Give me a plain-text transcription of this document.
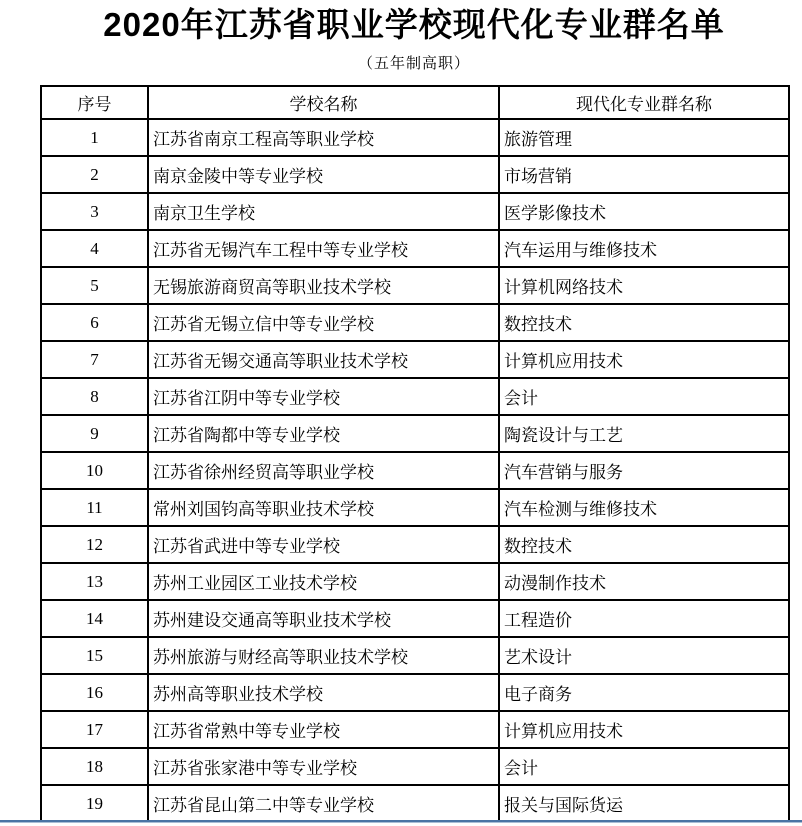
2020年江苏省职业学校现代化专业群名单
（五年制高职）
序号	学校名称	现代化专业群名称
1	江苏省南京工程高等职业学校	旅游管理
2	南京金陵中等专业学校	市场营销
3	南京卫生学校	医学影像技术
4	江苏省无锡汽车工程中等专业学校	汽车运用与维修技术
5	无锡旅游商贸高等职业技术学校	计算机网络技术
6	江苏省无锡立信中等专业学校	数控技术
7	江苏省无锡交通高等职业技术学校	计算机应用技术
8	江苏省江阴中等专业学校	会计
9	江苏省陶都中等专业学校	陶瓷设计与工艺
10	江苏省徐州经贸高等职业学校	汽车营销与服务
11	常州刘国钧高等职业技术学校	汽车检测与维修技术
12	江苏省武进中等专业学校	数控技术
13	苏州工业园区工业技术学校	动漫制作技术
14	苏州建设交通高等职业技术学校	工程造价
15	苏州旅游与财经高等职业技术学校	艺术设计
16	苏州高等职业技术学校	电子商务
17	江苏省常熟中等专业学校	计算机应用技术
18	江苏省张家港中等专业学校	会计
19	江苏省昆山第二中等专业学校	报关与国际货运
